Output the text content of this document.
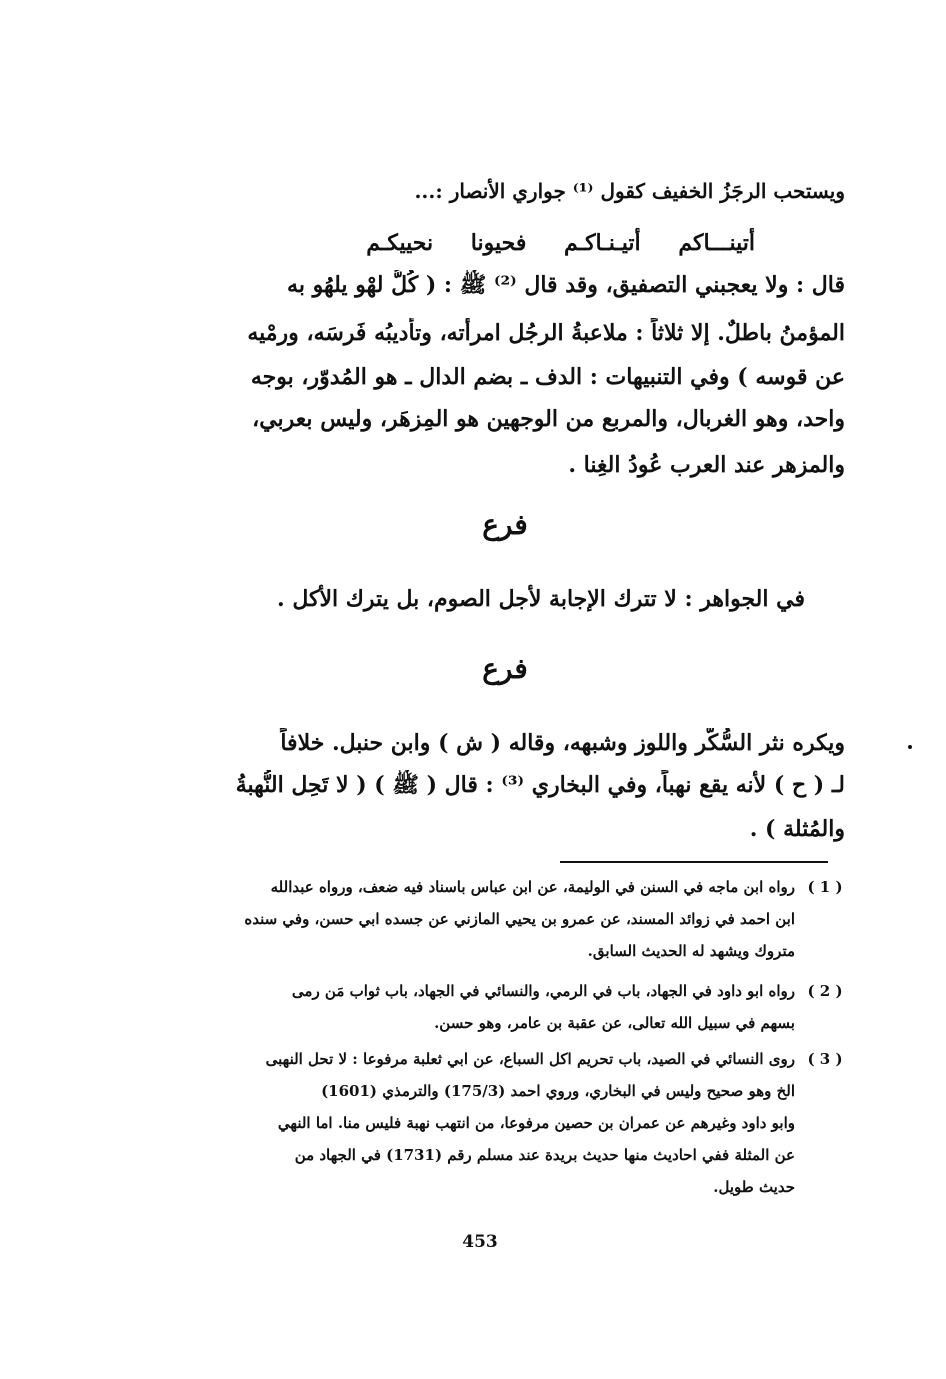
ويستحب الرجَزُ الخفيف كقول ⁽¹⁾ جواري الأنصار :...
أتينـــاكم أتيـنـاكـم فحيونا نحييكـم
قال : ولا يعجبني التصفيق، وقد قال ⁽²⁾ ﷺ : ( كُلُّ لهْو يلهُو به
المؤمنُ باطلٌ. إلا ثلاثاً : ملاعبةُ الرجُل امرأته، وتأديبُه فَرسَه، ورمْيه
عن قوسه ) وفي التنبيهات : الدف ـ بضم الدال ـ هو المُدوّر، بوجه
واحد، وهو الغربال، والمربع من الوجهين هو المِزهَر، وليس بعربي،
والمزهر عند العرب عُودُ الغِنا .
في الجواهر : لا تترك الإجابة لأجل الصوم، بل يترك الأكل .
ويكره نثر السُّكّر واللوز وشبهه، وقاله ( ش ) وابن حنبل. خلافاً
لـ ( ح ) لأنه يقع نهباً، وفي البخاري ⁽³⁾ : قال ( ﷺ ) ( لا تَحِل النُّهبةُ
والمُثلة ) .
فرع
فرع
( 1 )
رواه ابن ماجه في السنن في الوليمة، عن ابن عباس باسناد فيه ضعف، ورواه عبدالله
ابن احمد في زوائد المسند، عن عمرو بن يحيي المازني عن جسده ابي حسن، وفي سنده
متروك ويشهد له الحديث السابق.
( 2 )
رواه ابو داود في الجهاد، باب في الرمي، والنسائي في الجهاد، باب ثواب مَن رمى
بسهم في سبيل الله تعالى، عن عقبة بن عامر، وهو حسن.
( 3 )
روى النسائي في الصيد، باب تحريم اكل السباع، عن ابي ثعلبة مرفوعا : لا تحل النهبى
الخ وهو صحيح وليس في البخاري، وروي احمد (175/3) والترمذي (1601)
وابو داود وغيرهم عن عمران بن حصين مرفوعا، من انتهب نهبة فليس منا. اما النهي
عن المثلة ففي احاديث منها حديث بريدة عند مسلم رقم (1731) في الجهاد من
حديث طويل.
453
